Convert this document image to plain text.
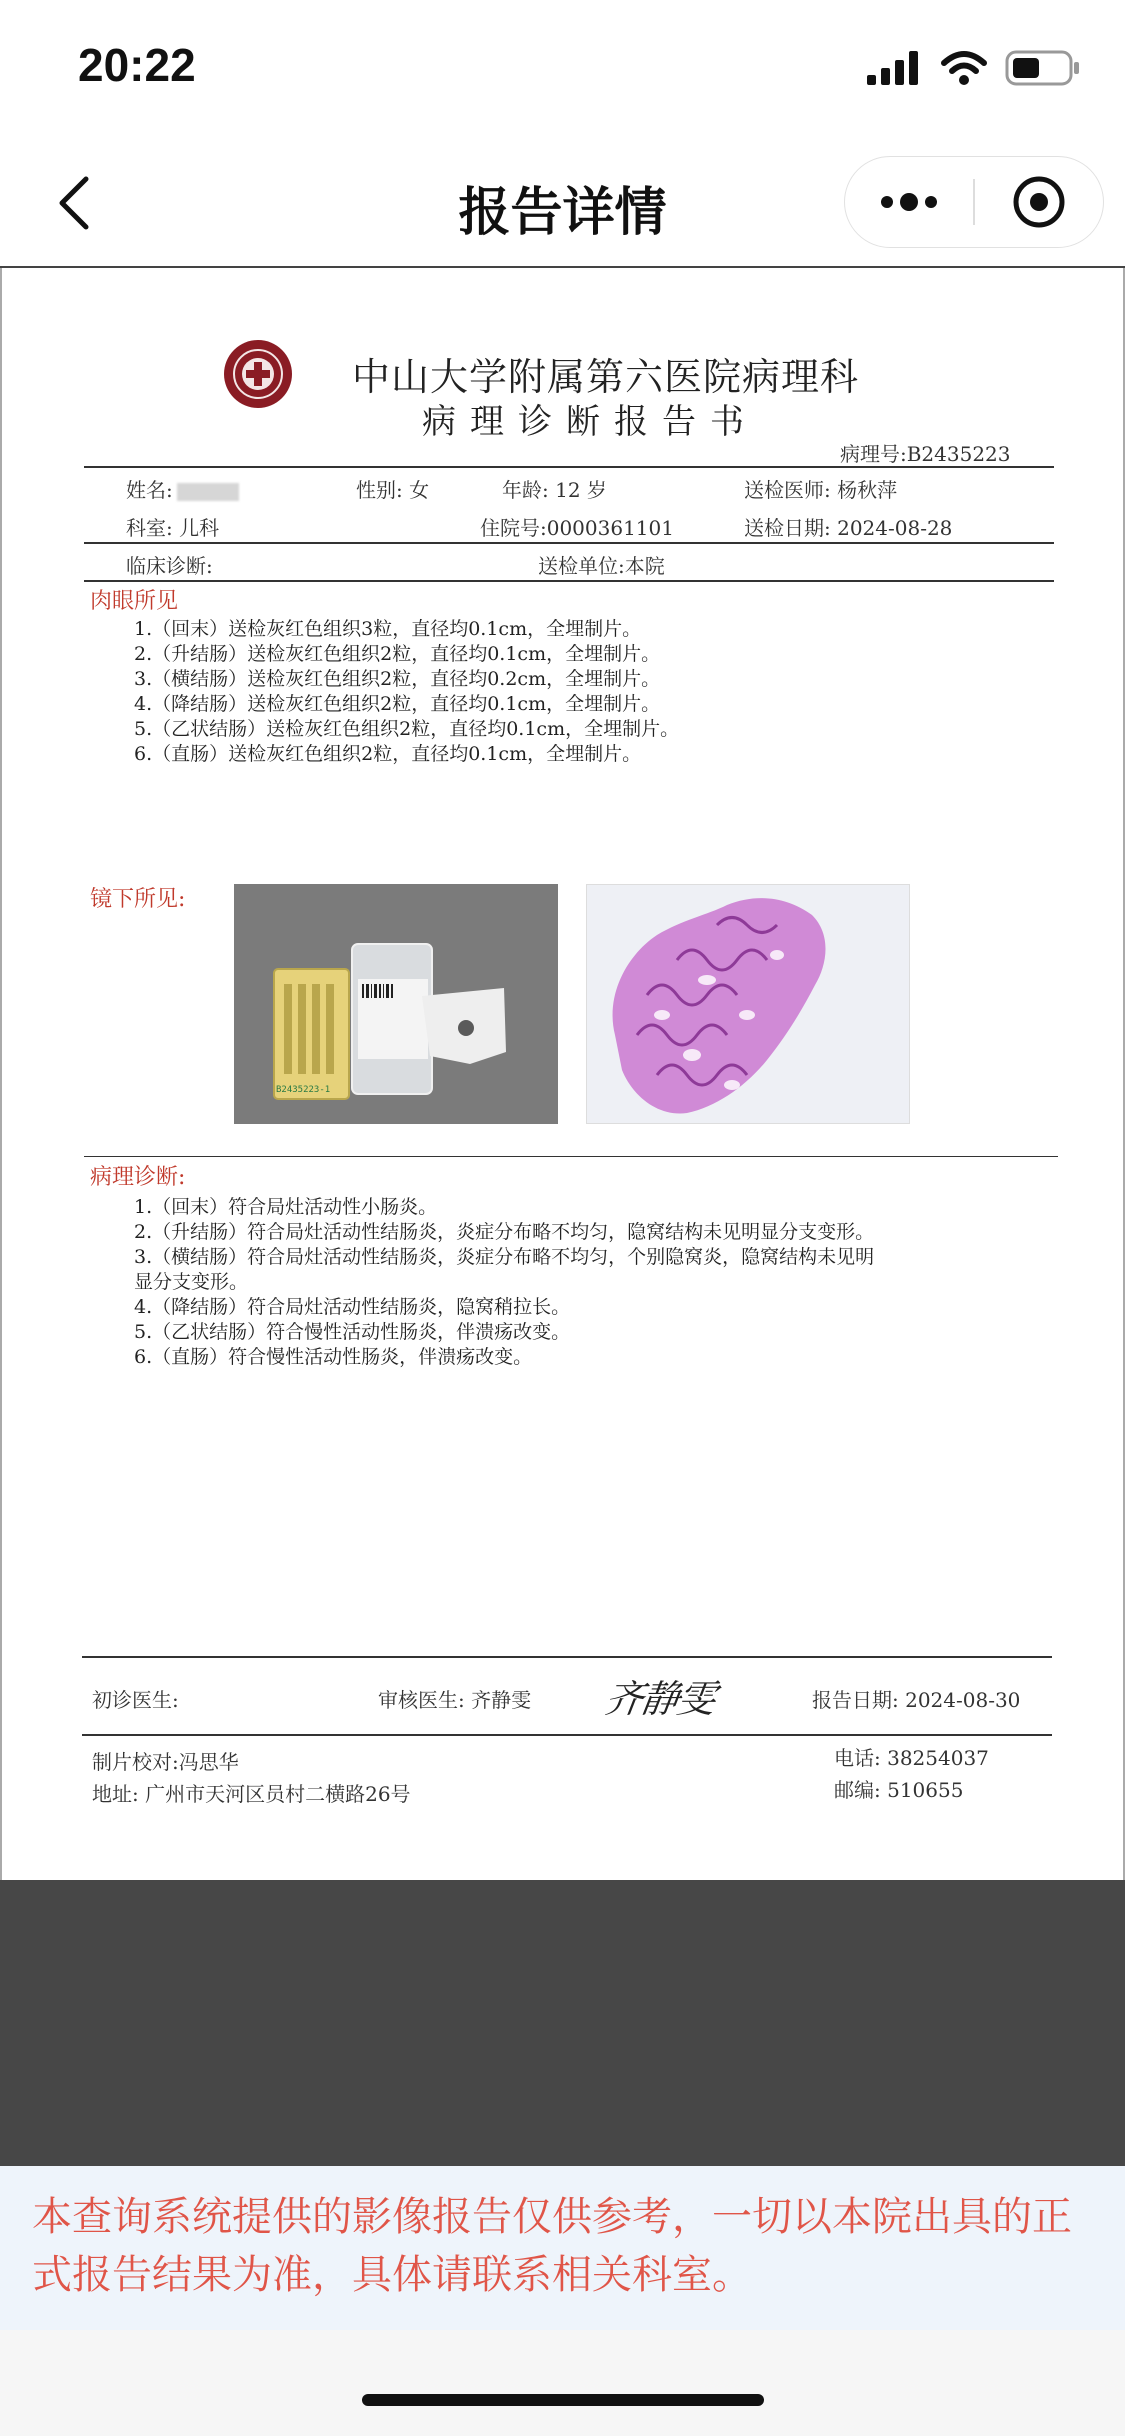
20:22
报告详情
中山大学附属第六医院病理科
病理诊断报告书
病理号:B2435223
姓名:	性别: 女	年龄: 12 岁	送检医师: 杨秋萍
科室: 儿科	住院号:0000361101	送检日期: 2024-08-28
临床诊断:	送检单位:本院
肉眼所见
1.（回末）送检灰红色组织3粒，直径均0.1cm，全埋制片。
2.（升结肠）送检灰红色组织2粒，直径均0.1cm，全埋制片。
3.（横结肠）送检灰红色组织2粒，直径均0.2cm，全埋制片。
4.（降结肠）送检灰红色组织2粒，直径均0.1cm，全埋制片。
5.（乙状结肠）送检灰红色组织2粒，直径均0.1cm，全埋制片。
6.（直肠）送检灰红色组织2粒，直径均0.1cm，全埋制片。
镜下所见:
B2435223-1
病理诊断:
1.（回末）符合局灶活动性小肠炎。
2.（升结肠）符合局灶活动性结肠炎，炎症分布略不均匀，隐窝结构未见明显分支变形。
3.（横结肠）符合局灶活动性结肠炎，炎症分布略不均匀，个别隐窝炎，隐窝结构未见明
显分支变形。
4.（降结肠）符合局灶活动性结肠炎，隐窝稍拉长。
5.（乙状结肠）符合慢性活动性肠炎，伴溃疡改变。
6.（直肠）符合慢性活动性肠炎，伴溃疡改变。
初诊医生:	审核医生: 齐静雯 齐静雯	报告日期: 2024-08-30
制片校对:冯思华	电话: 38254037
地址: 广州市天河区员村二横路26号	邮编: 510655
本查询系统提供的影像报告仅供参考，一切以本院出具的正式报告结果为准，具体请联系相关科室。
